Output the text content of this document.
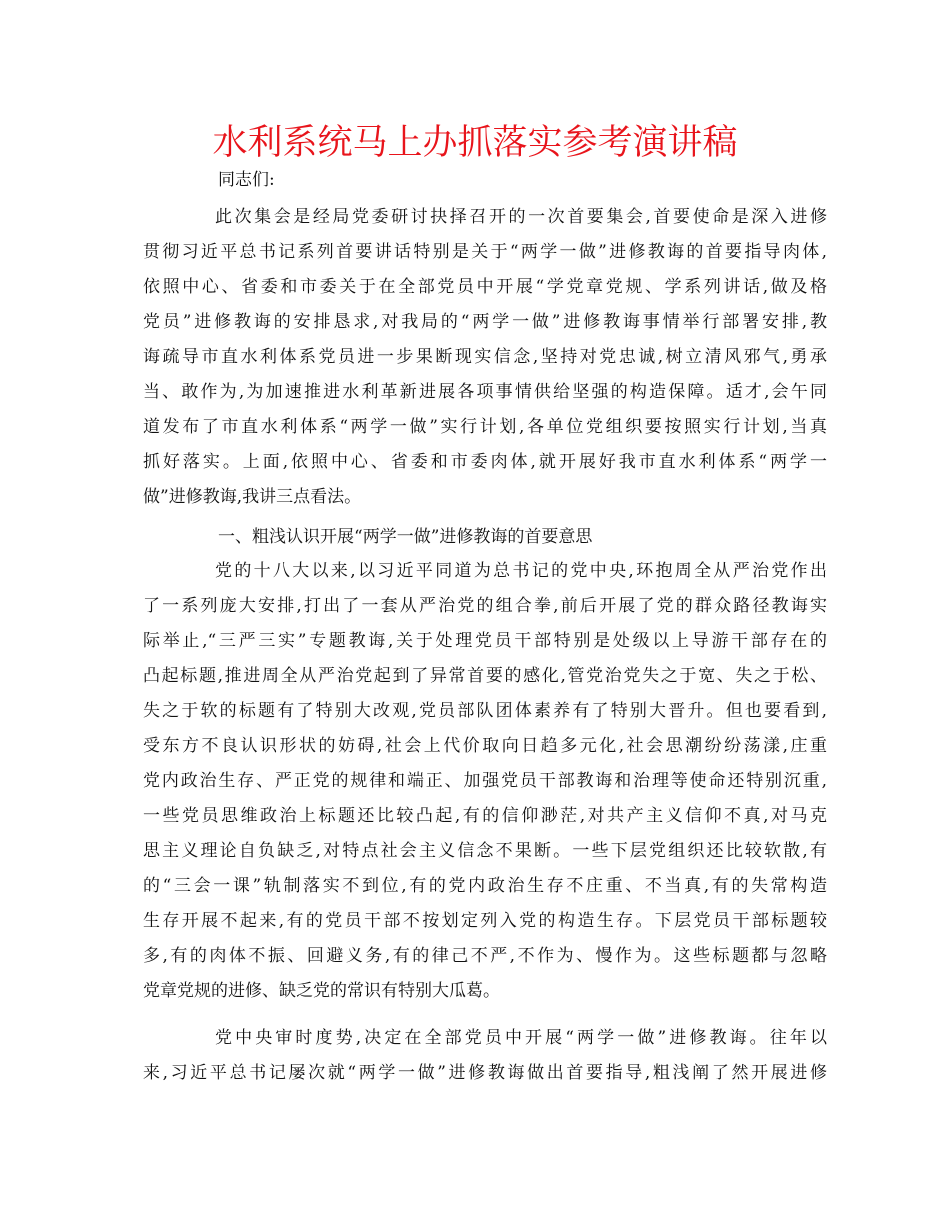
水利系统马上办抓落实参考演讲稿
同志们:
此次集会是经局党委研讨抉择召开的一次首要集会,首要使命是深入进修
贯彻习近平总书记系列首要讲话特别是关于“两学一做”进修教诲的首要指导肉体,
依照中心、省委和市委关于在全部党员中开展“学党章党规、学系列讲话,做及格
党员”进修教诲的安排恳求,对我局的“两学一做”进修教诲事情举行部署安排,教
诲疏导市直水利体系党员进一步果断现实信念,坚持对党忠诚,树立清风邪气,勇承
当、敢作为,为加速推进水利革新进展各项事情供给坚强的构造保障。适才,会午同
道发布了市直水利体系“两学一做”实行计划,各单位党组织要按照实行计划,当真
抓好落实。上面,依照中心、省委和市委肉体,就开展好我市直水利体系“两学一
做”进修教诲,我讲三点看法。
一、粗浅认识开展“两学一做”进修教诲的首要意思
党的十八大以来,以习近平同道为总书记的党中央,环抱周全从严治党作出
了一系列庞大安排,打出了一套从严治党的组合拳,前后开展了党的群众路径教诲实
际举止,“三严三实”专题教诲,关于处理党员干部特别是处级以上导游干部存在的
凸起标题,推进周全从严治党起到了异常首要的感化,管党治党失之于宽、失之于松、
失之于软的标题有了特别大改观,党员部队团体素养有了特别大晋升。但也要看到,
受东方不良认识形状的妨碍,社会上代价取向日趋多元化,社会思潮纷纷荡漾,庄重
党内政治生存、严正党的规律和端正、加强党员干部教诲和治理等使命还特别沉重,
一些党员思维政治上标题还比较凸起,有的信仰渺茫,对共产主义信仰不真,对马克
思主义理论自负缺乏,对特点社会主义信念不果断。一些下层党组织还比较软散,有
的“三会一课”轨制落实不到位,有的党内政治生存不庄重、不当真,有的失常构造
生存开展不起来,有的党员干部不按划定列入党的构造生存。下层党员干部标题较
多,有的肉体不振、回避义务,有的律己不严,不作为、慢作为。这些标题都与忽略
党章党规的进修、缺乏党的常识有特别大瓜葛。
党中央审时度势,决定在全部党员中开展“两学一做”进修教诲。往年以
来,习近平总书记屡次就“两学一做”进修教诲做出首要指导,粗浅阐了然开展进修
